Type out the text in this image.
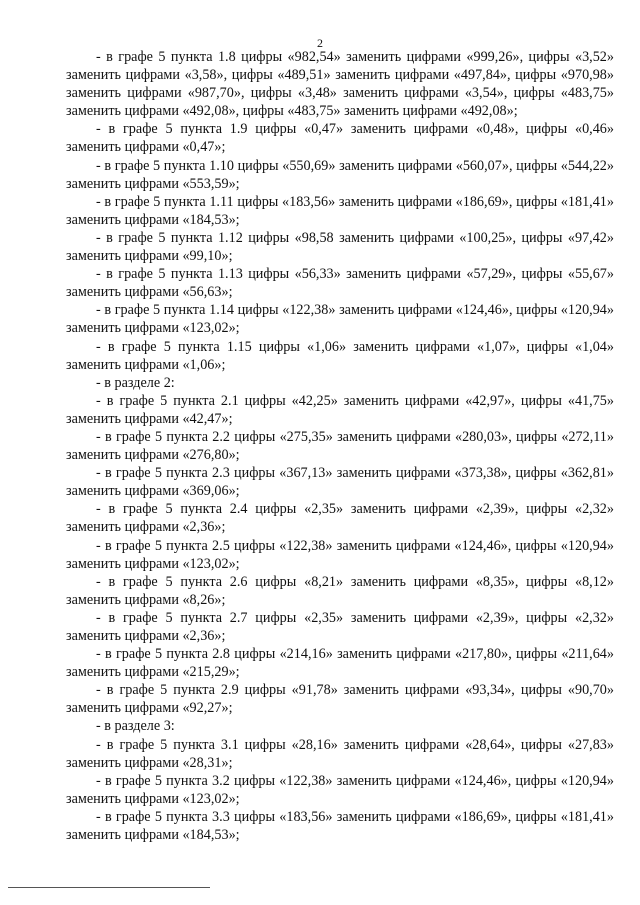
2

- в графе 5 пункта 1.8 цифры «982,54» заменить цифрами «999,26», цифры «3,52» заменить цифрами «3,58», цифры «489,51» заменить цифрами «497,84», цифры «970,98» заменить цифрами «987,70», цифры «3,48» заменить цифрами «3,54», цифры «483,75» заменить цифрами «492,08», цифры «483,75» заменить цифрами «492,08»;

- в графе 5 пункта 1.9 цифры «0,47» заменить цифрами «0,48», цифры «0,46» заменить цифрами «0,47»;

- в графе 5 пункта 1.10 цифры «550,69» заменить цифрами «560,07», цифры «544,22» заменить цифрами «553,59»;

- в графе 5 пункта 1.11 цифры «183,56» заменить цифрами «186,69», цифры «181,41» заменить цифрами «184,53»;

- в графе 5 пункта 1.12 цифры «98,58 заменить цифрами «100,25», цифры «97,42» заменить цифрами «99,10»;

- в графе 5 пункта 1.13 цифры «56,33» заменить цифрами «57,29», цифры «55,67» заменить цифрами «56,63»;

- в графе 5 пункта 1.14 цифры «122,38» заменить цифрами «124,46», цифры «120,94» заменить цифрами «123,02»;

- в графе 5 пункта 1.15 цифры «1,06» заменить цифрами «1,07», цифры «1,04» заменить цифрами «1,06»;

- в разделе 2:

- в графе 5 пункта 2.1 цифры «42,25» заменить цифрами «42,97», цифры «41,75» заменить цифрами «42,47»;

- в графе 5 пункта 2.2 цифры «275,35» заменить цифрами «280,03», цифры «272,11» заменить цифрами «276,80»;

- в графе 5 пункта 2.3 цифры «367,13» заменить цифрами «373,38», цифры «362,81» заменить цифрами «369,06»;

- в графе 5 пункта 2.4 цифры «2,35» заменить цифрами «2,39», цифры «2,32» заменить цифрами «2,36»;

- в графе 5 пункта 2.5 цифры «122,38» заменить цифрами «124,46», цифры «120,94» заменить цифрами «123,02»;

- в графе 5 пункта 2.6 цифры «8,21» заменить цифрами «8,35», цифры «8,12» заменить цифрами «8,26»;

- в графе 5 пункта 2.7 цифры «2,35» заменить цифрами «2,39», цифры «2,32» заменить цифрами «2,36»;

- в графе 5 пункта 2.8 цифры «214,16» заменить цифрами «217,80», цифры «211,64» заменить цифрами «215,29»;

- в графе 5 пункта 2.9 цифры «91,78» заменить цифрами «93,34», цифры «90,70» заменить цифрами «92,27»;

- в разделе 3:

- в графе 5 пункта 3.1 цифры «28,16» заменить цифрами «28,64», цифры «27,83» заменить цифрами «28,31»;

- в графе 5 пункта 3.2 цифры «122,38» заменить цифрами «124,46», цифры «120,94» заменить цифрами «123,02»;

- в графе 5 пункта 3.3 цифры «183,56» заменить цифрами «186,69», цифры «181,41» заменить цифрами «184,53»;
